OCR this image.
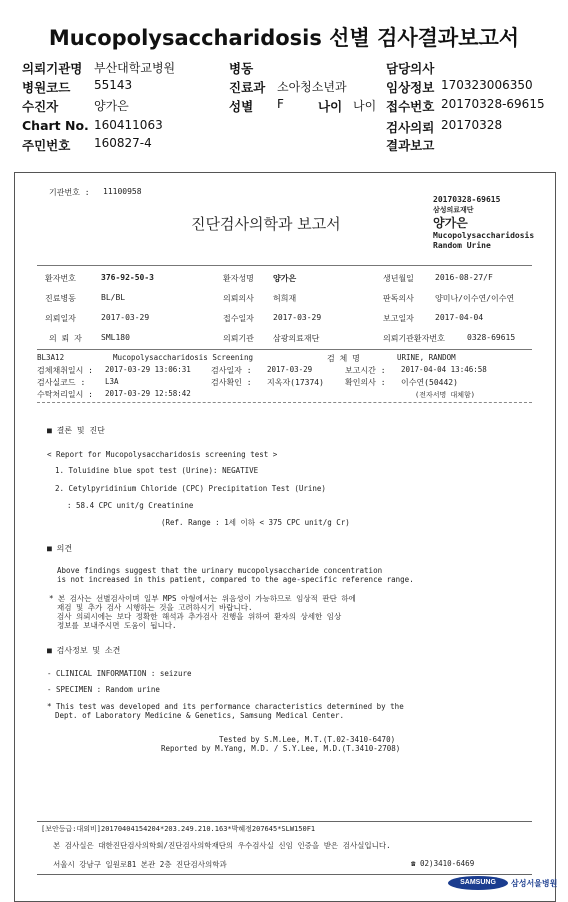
Mucopolysaccharidosis 선별 검사결과보고서
의뢰기관명 부산대학교병원	병동	담당의사
병원코드 55143	진료과 소아청소년과	임상정보 170323006350
수진자	양가은	성별 F	나이 나이 접수번호 20170328-69615
Chart No. 160411063	검사의뢰 20170328
주민번호 160827-4	결과보고
기관번호 : 11100958
진단검사의학과 보고서
20170328-69615
삼성의료재단
양가은
Mucopolysaccharidosis
Random Urine
환자번호	376-92-50-3	환자성명 양가은	생년월일	2016-08-27/F
진료병동	BL/BL	의뢰의사 허희재	판독의사	양미나/이수연/이수연
의뢰일자	2017-03-29	접수일자 2017-03-29	보고일자	2017-04-04
의 뢰 자 SML180	의뢰기관 삼광의료재단	의뢰기관환자번호	0328-69615
BL3A12	Mucopolysaccharidosis Screening	검 체 명	URINE, RANDOM
검체채취일시 : 2017-03-29 13:06:31	검사일자 : 2017-03-29	보고시간 : 2017-04-04 13:46:58
검사실코드 :	L3A	검사확인 : 지옥자(17374)	확인의사 : 이수연(50442)
수탁처리일시 : 2017-03-29 12:58:42	(전자서명 대체함)
■ 결론 및 진단
< Report for Mucopolysaccharidosis screening test >
1. Toluidine blue spot test (Urine): NEGATIVE
2. Cetylpyridinium Chloride (CPC) Precipitation Test (Urine)
: 58.4 CPC unit/g Creatinine
(Ref. Range : 1세 이하 < 375 CPC unit/g Cr)
■ 의견
Above findings suggest that the urinary mucopolysaccharide concentration
is not increased in this patient, compared to the age-specific reference range.
* 본 검사는 선별검사이며 일부 MPS 아형에서는 위음성이 가능하므로 임상적 판단 하에
재검 및 추가 검사 시행하는 것을 고려하시기 바랍니다.
검사 의뢰시에는 보다 정확한 해석과 추가검사 진행을 위하여 환자의 상세한 임상
정보를 보내주시면 도움이 됩니다.
■ 검사정보 및 소견
- CLINICAL INFORMATION : seizure
- SPECIMEN : Random urine
* This test was developed and its performance characteristics determined by the
Dept. of Laboratory Medicine & Genetics, Samsung Medical Center.
Tested by S.M.Lee, M.T.(T.02-3410-6470)
Reported by M.Yang, M.D. / S.Y.Lee, M.D.(T.3410-2708)
[보안등급:대외비]20170404154204*203.249.210.163*박혜정207645*SLW150F1
본 검사실은 대한진단검사의학회/진단검사의학재단의 우수검사실 신임 인증을 받은 검사실입니다.
서울시 강남구 일원로81 본관 2층 진단검사의학과	☎ 02)3410-6469
SAMSUNG	삼성서울병원
